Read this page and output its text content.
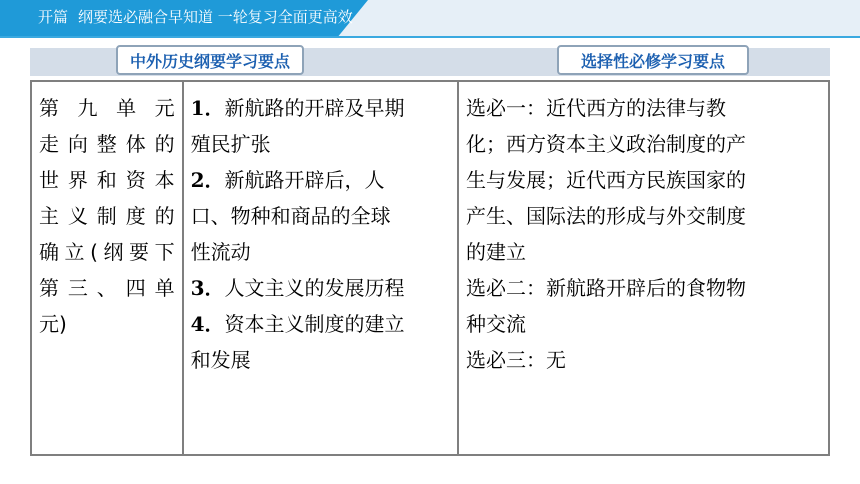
开篇 纲要选必融合早知道 一轮复习全面更高效
中外历史纲要学习要点	选择性必修学习要点
第九单元
走向整体的
世界和资本
主义制度的
确立(纲要下
第三、四单
元)

1．新航路的开辟及早期
殖民扩张
2．新航路开辟后，人
口、物种和商品的全球
性流动
3．人文主义的发展历程
4．资本主义制度的建立
和发展

选必一：近代西方的法律与教
化；西方资本主义政治制度的产
生与发展；近代西方民族国家的
产生、国际法的形成与外交制度
的建立
选必二：新航路开辟后的食物物
种交流
选必三：无
